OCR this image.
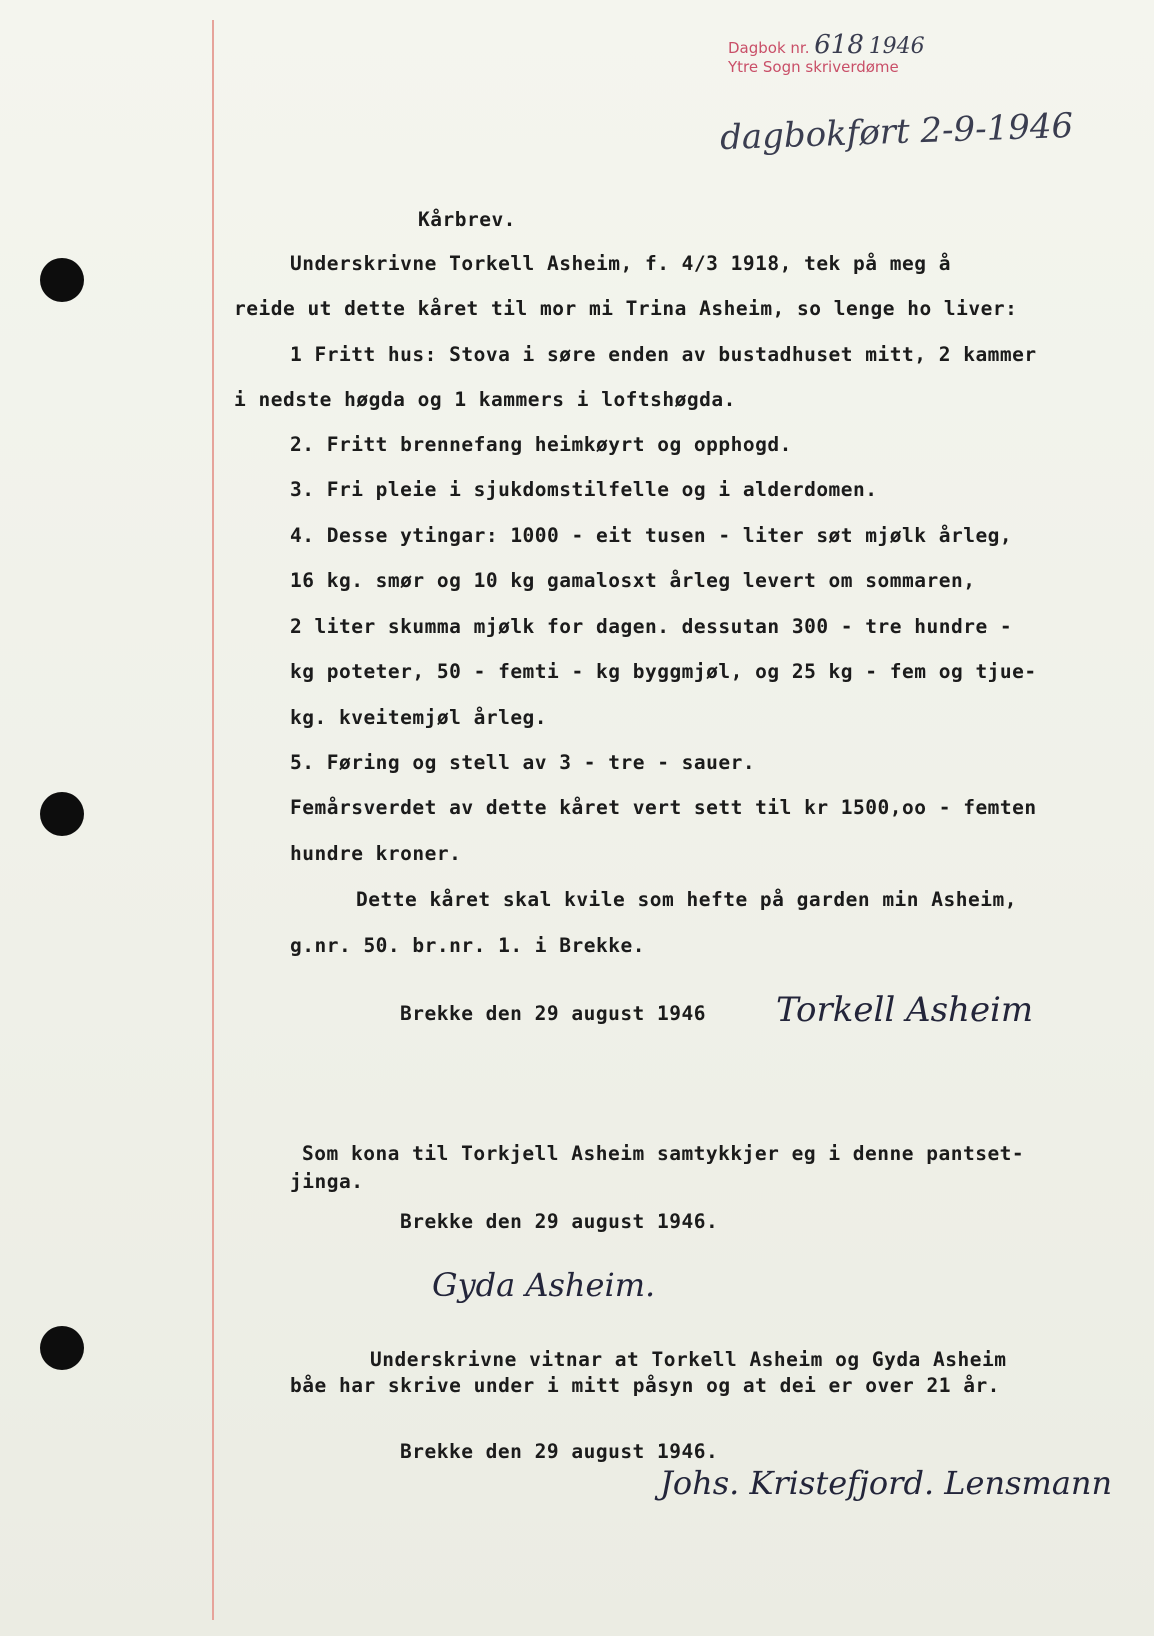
Dagbok nr. 618 1946
Ytre Sogn skriverdøme
dagbokført 2-9-1946
Kårbrev.
Underskrivne Torkell Asheim, f. 4/3 1918, tek på meg å
reide ut dette kåret til mor mi Trina Asheim, so lenge ho liver:
1 Fritt hus: Stova i søre enden av bustadhuset mitt, 2 kammer
i nedste høgda og 1 kammers i loftshøgda.
2. Fritt brennefang heimkøyrt og opphogd.
3. Fri pleie i sjukdomstilfelle og i alderdomen.
4. Desse ytingar: 1000 - eit tusen - liter søt mjølk årleg,
16 kg. smør og 10 kg gamalosxt årleg levert om sommaren,
2 liter skumma mjølk for dagen. dessutan 300 - tre hundre -
kg poteter, 50 - femti - kg byggmjøl, og 25 kg - fem og tjue-
kg. kveitemjøl årleg.
5. Føring og stell av 3 - tre - sauer.
Femårsverdet av dette kåret vert sett til kr 1500,oo - femten
hundre kroner.
Dette kåret skal kvile som hefte på garden min Asheim,
g.nr. 50. br.nr. 1. i Brekke.
Brekke den 29 august 1946 Torkell Asheim
Som kona til Torkjell Asheim samtykkjer eg i denne pantset-
jinga.
Brekke den 29 august 1946.
Gyda Asheim.
Underskrivne vitnar at Torkell Asheim og Gyda Asheim
båe har skrive under i mitt påsyn og at dei er over 21 år.
Brekke den 29 august 1946.
Johs. Kristefjord. Lensmann
